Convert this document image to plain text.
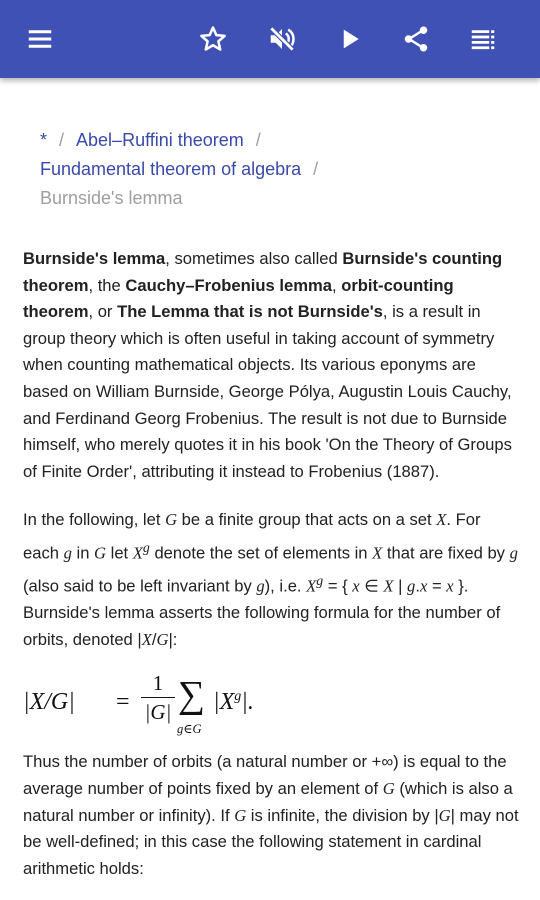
* / Abel–Ruffini theorem /
Fundamental theorem of algebra /
Burnside's lemma

Burnside's lemma, sometimes also called Burnside's counting theorem, the Cauchy–Frobenius lemma, orbit-counting theorem, or The Lemma that is not Burnside's, is a result in group theory which is often useful in taking account of symmetry when counting mathematical objects. Its various eponyms are based on William Burnside, George Pólya, Augustin Louis Cauchy, and Ferdinand Georg Frobenius. The result is not due to Burnside himself, who merely quotes it in his book 'On the Theory of Groups of Finite Order', attributing it instead to Frobenius (1887).

In the following, let G be a finite group that acts on a set X. For each g in G let $X^g$ denote the set of elements in X that are fixed by g (also said to be left invariant by g), i.e. $X^g$ = { x ∈ X | g.x = x }. Burnside's lemma asserts the following formula for the number of orbits, denoted |X/G|:

|X/G| =
1
|G| ∑
g∈G
$|X^g|$.

Thus the number of orbits (a natural number or +∞) is equal to the average number of points fixed by an element of G (which is also a natural number or infinity). If G is infinite, the division by |G| may not be well-defined; in this case the following statement in cardinal arithmetic holds:
